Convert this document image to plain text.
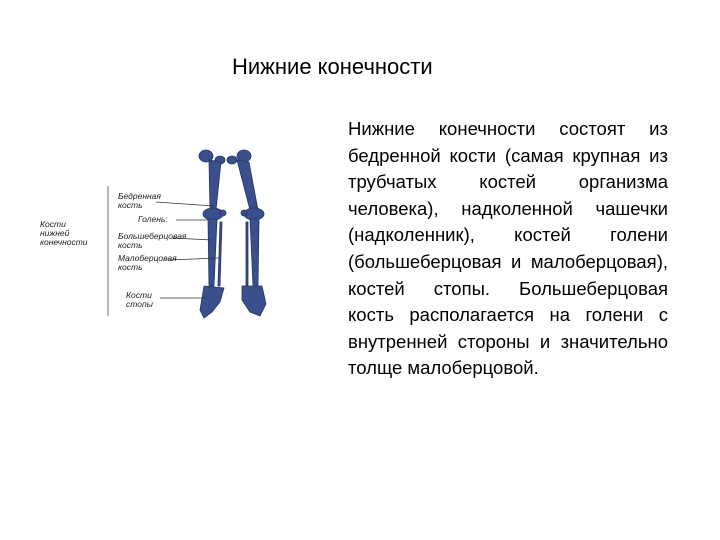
Нижние конечности
Нижние конечности состоят из бедренной кости (самая крупная из трубчатых костей организма человека), надколенной чашечки (надколенник), костей голени (большеберцовая и малоберцовая), костей стопы. Большеберцовая кость располагается на голени с внутренней стороны и значительно толще малоберцовой.
Кости
нижней
конечности
Бедренная
кость
Голень:
Большеберцовая
кость
Малоберцовая
кость
Кости
стопы
